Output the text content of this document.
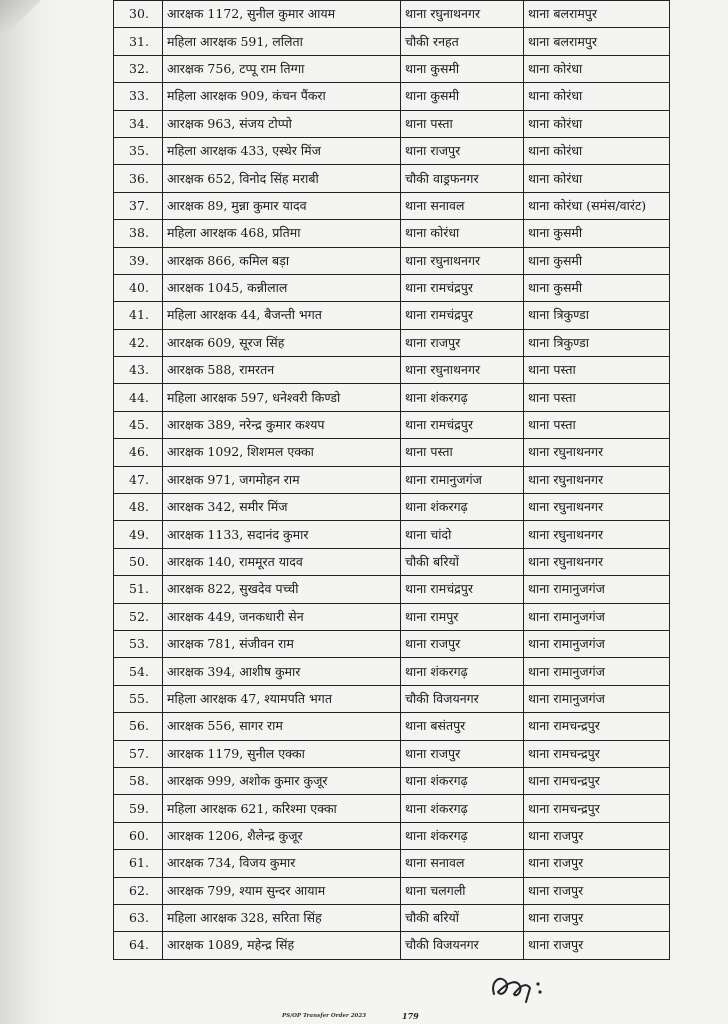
30.	आरक्षक 1172, सुनील कुमार आयम	थाना रघुनाथनगर	थाना बलरामपुर
31.	महिला आरक्षक 591, ललिता	चौकी रनहत	थाना बलरामपुर
32.	आरक्षक 756, टप्पू राम तिग्गा	थाना कुसमी	थाना कोरंधा
33.	महिला आरक्षक 909, कंचन पैंकरा	थाना कुसमी	थाना कोरंधा
34.	आरक्षक 963, संजय टोप्पो	थाना पस्ता	थाना कोरंधा
35.	महिला आरक्षक 433, एस्थेर मिंज	थाना राजपुर	थाना कोरंधा
36.	आरक्षक 652, विनोद सिंह मराबी	चौकी वाड्रफनगर	थाना कोरंधा
37.	आरक्षक 89, मुन्ना कुमार यादव	थाना सनावल	थाना कोरंधा (समंस/वारंट)
38.	महिला आरक्षक 468, प्रतिमा	थाना कोरंधा	थाना कुसमी
39.	आरक्षक 866, कमिल बड़ा	थाना रघुनाथनगर	थाना कुसमी
40.	आरक्षक 1045, कन्नीलाल	थाना रामचंद्रपुर	थाना कुसमी
41.	महिला आरक्षक 44, बैजन्ती भगत	थाना रामचंद्रपुर	थाना त्रिकुण्डा
42.	आरक्षक 609, सूरज सिंह	थाना राजपुर	थाना त्रिकुण्डा
43.	आरक्षक 588, रामरतन	थाना रघुनाथनगर	थाना पस्ता
44.	महिला आरक्षक 597, धनेश्वरी किण्डो	थाना शंकरगढ़	थाना पस्ता
45.	आरक्षक 389, नरेन्द्र कुमार कश्यप	थाना रामचंद्रपुर	थाना पस्ता
46.	आरक्षक 1092, शिशमल एक्का	थाना पस्ता	थाना रघुनाथनगर
47.	आरक्षक 971, जगमोहन राम	थाना रामानुजगंज	थाना रघुनाथनगर
48.	आरक्षक 342, समीर मिंज	थाना शंकरगढ़	थाना रघुनाथनगर
49.	आरक्षक 1133, सदानंद कुमार	थाना चांदो	थाना रघुनाथनगर
50.	आरक्षक 140, राममूरत यादव	चौकी बरियों	थाना रघुनाथनगर
51.	आरक्षक 822, सुखदेव पच्ची	थाना रामचंद्रपुर	थाना रामानुजगंज
52.	आरक्षक 449, जनकधारी सेन	थाना रामपुर	थाना रामानुजगंज
53.	आरक्षक 781, संजीवन राम	थाना राजपुर	थाना रामानुजगंज
54.	आरक्षक 394, आशीष कुमार	थाना शंकरगढ़	थाना रामानुजगंज
55.	महिला आरक्षक 47, श्यामपति भगत	चौकी विजयनगर	थाना रामानुजगंज
56.	आरक्षक 556, सागर राम	थाना बसंतपुर	थाना रामचन्द्रपुर
57.	आरक्षक 1179, सुनील एक्का	थाना राजपुर	थाना रामचन्द्रपुर
58.	आरक्षक 999, अशोक कुमार कुजूर	थाना शंकरगढ़	थाना रामचन्द्रपुर
59.	महिला आरक्षक 621, करिश्मा एक्का	थाना शंकरगढ़	थाना रामचन्द्रपुर
60.	आरक्षक 1206, शैलेन्द्र कुजूर	थाना शंकरगढ़	थाना राजपुर
61.	आरक्षक 734, विजय कुमार	थाना सनावल	थाना राजपुर
62.	आरक्षक 799, श्याम सुन्दर आयाम	थाना चलगली	थाना राजपुर
63.	महिला आरक्षक 328, सरिता सिंह	चौकी बरियों	थाना राजपुर
64.	आरक्षक 1089, महेन्द्र सिंह	चौकी विजयनगर	थाना राजपुर
PS/OP Transfer Order 2023	179
